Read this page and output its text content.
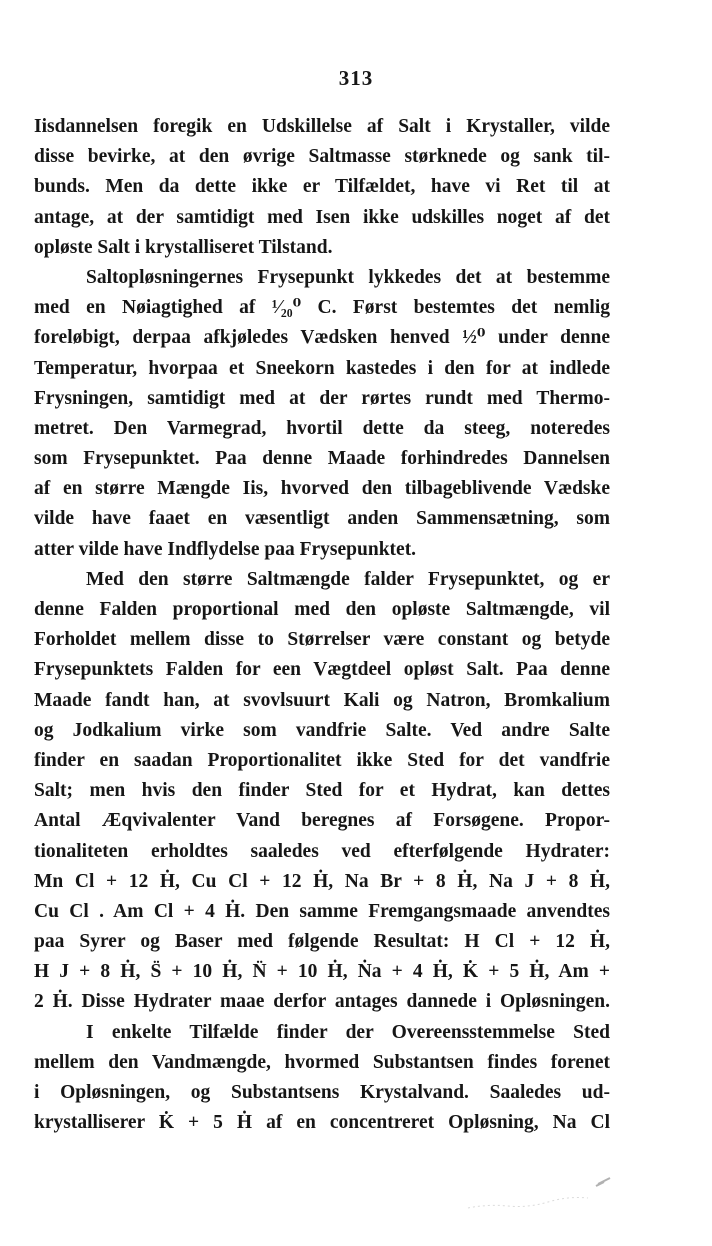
313
Iisdannelsen foregik en Udskillelse af Salt i Krystaller, vilde
disse bevirke, at den øvrige Saltmasse størknede og sank til-
bunds. Men da dette ikke er Tilfældet, have vi Ret til at
antage, at der samtidigt med Isen ikke udskilles noget af det
opløste Salt i krystalliseret Tilstand.
Saltopløsningernes Frysepunkt lykkedes det at bestemme
med en Nøiagtighed af ¹⁄₂₀⁰ C. Først bestemtes det nemlig
foreløbigt, derpaa afkjøledes Vædsken henved ½⁰ under denne
Temperatur, hvorpaa et Sneekorn kastedes i den for at indlede
Frysningen, samtidigt med at der rørtes rundt med Thermo-
metret. Den Varmegrad, hvortil dette da steeg, noteredes
som Frysepunktet. Paa denne Maade forhindredes Dannelsen
af en større Mængde Iis, hvorved den tilbageblivende Vædske
vilde have faaet en væsentligt anden Sammensætning, som
atter vilde have Indflydelse paa Frysepunktet.
Med den større Saltmængde falder Frysepunktet, og er
denne Falden proportional med den opløste Saltmængde, vil
Forholdet mellem disse to Størrelser være constant og betyde
Frysepunktets Falden for een Vægtdeel opløst Salt. Paa denne
Maade fandt han, at svovlsuurt Kali og Natron, Bromkalium
og Jodkalium virke som vandfrie Salte. Ved andre Salte
finder en saadan Proportionalitet ikke Sted for det vandfrie
Salt; men hvis den finder Sted for et Hydrat, kan dettes
Antal Æqvivalenter Vand beregnes af Forsøgene. Propor-
tionaliteten erholdtes saaledes ved efterfølgende Hydrater:
Mn Cl + 12 Ḣ, Cu Cl + 12 Ḣ, Na Br + 8 Ḣ, Na J + 8 Ḣ,
Cu Cl . Am Cl + 4 Ḣ. Den samme Fremgangsmaade anvendtes
paa Syrer og Baser med følgende Resultat: H Cl + 12 Ḣ,
H J + 8 Ḣ, S̈ + 10 Ḣ, N̈ + 10 Ḣ, Ṅa + 4 Ḣ, K̇ + 5 Ḣ, Am +
2 Ḣ. Disse Hydrater maae derfor antages dannede i Opløsningen.
I enkelte Tilfælde finder der Overeensstemmelse Sted
mellem den Vandmængde, hvormed Substantsen findes forenet
i Opløsningen, og Substantsens Krystalvand. Saaledes ud-
krystalliserer K̇ + 5 Ḣ af en concentreret Opløsning, Na Cl
